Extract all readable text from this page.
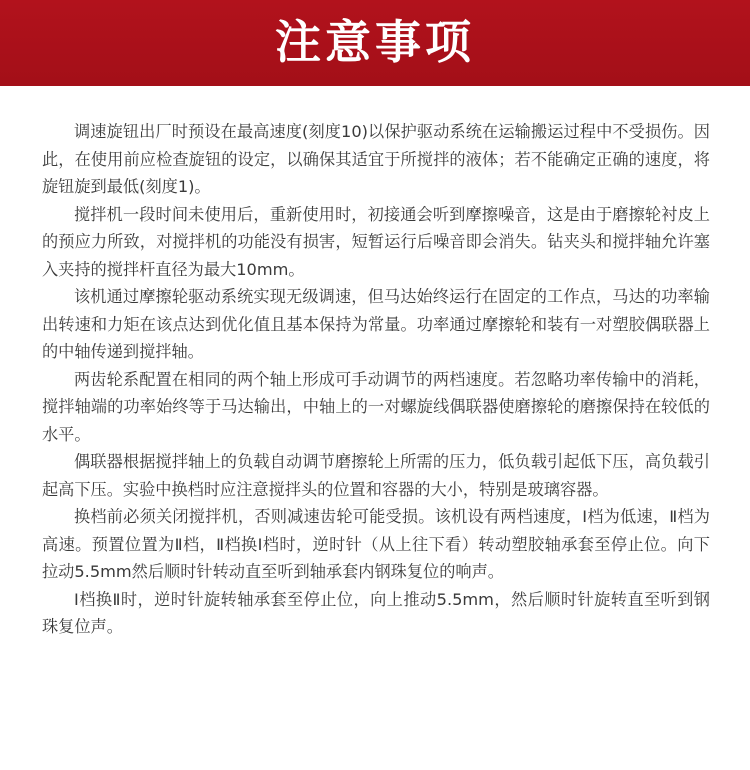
注意事项

调速旋钮出厂时预设在最高速度(刻度10)以保护驱动系统在运输搬运过程中不受损伤。因此，在使用前应检查旋钮的设定，以确保其适宜于所搅拌的液体；若不能确定正确的速度，将旋钮旋到最低(刻度1)。

搅拌机一段时间未使用后，重新使用时，初接通会听到摩擦噪音，这是由于磨擦轮衬皮上的预应力所致，对搅拌机的功能没有损害，短暂运行后噪音即会消失。钻夹头和搅拌轴允许塞入夹持的搅拌杆直径为最大10mm。

该机通过摩擦轮驱动系统实现无级调速，但马达始终运行在固定的工作点，马达的功率输出转速和力矩在该点达到优化值且基本保持为常量。功率通过摩擦轮和装有一对塑胶偶联器上的中轴传递到搅拌轴。

两齿轮系配置在相同的两个轴上形成可手动调节的两档速度。若忽略功率传输中的消耗，搅拌轴端的功率始终等于马达输出，中轴上的一对螺旋线偶联器使磨擦轮的磨擦保持在较低的水平。

偶联器根据搅拌轴上的负载自动调节磨擦轮上所需的压力，低负载引起低下压，高负载引起高下压。实验中换档时应注意搅拌头的位置和容器的大小，特别是玻璃容器。

换档前必须关闭搅拌机，否则减速齿轮可能受损。该机设有两档速度，I档为低速，Ⅱ档为高速。预置位置为Ⅱ档，Ⅱ档换I档时，逆时针（从上往下看）转动塑胶轴承套至停止位。向下拉动5.5mm然后顺时针转动直至听到轴承套内钢珠复位的响声。

I档换Ⅱ时，逆时针旋转轴承套至停止位，向上推动5.5mm，然后顺时针旋转直至听到钢珠复位声。
